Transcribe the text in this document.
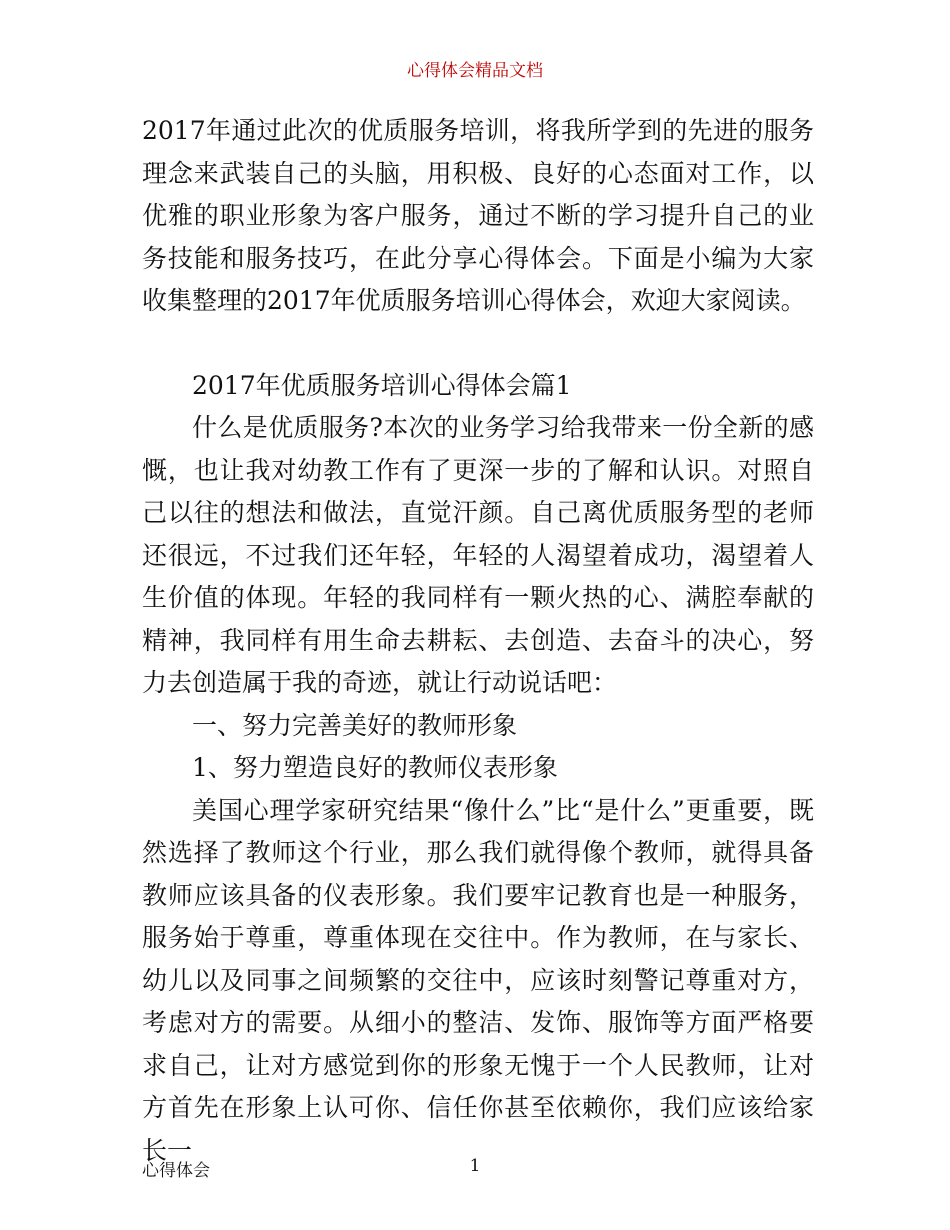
心得体会精品文档

2017年通过此次的优质服务培训，将我所学到的先进的服务理念来武装自己的头脑，用积极、良好的心态面对工作，以优雅的职业形象为客户服务，通过不断的学习提升自己的业务技能和服务技巧，在此分享心得体会。下面是小编为大家收集整理的2017年优质服务培训心得体会，欢迎大家阅读。

2017年优质服务培训心得体会篇1

什么是优质服务?本次的业务学习给我带来一份全新的感慨，也让我对幼教工作有了更深一步的了解和认识。对照自己以往的想法和做法，直觉汗颜。自己离优质服务型的老师还很远，不过我们还年轻，年轻的人渴望着成功，渴望着人生价值的体现。年轻的我同样有一颗火热的心、满腔奉献的精神，我同样有用生命去耕耘、去创造、去奋斗的决心，努力去创造属于我的奇迹，就让行动说话吧：

一、努力完善美好的教师形象

1、努力塑造良好的教师仪表形象

美国心理学家研究结果“像什么”比“是什么”更重要，既然选择了教师这个行业，那么我们就得像个教师，就得具备教师应该具备的仪表形象。我们要牢记教育也是一种服务，服务始于尊重，尊重体现在交往中。作为教师，在与家长、幼儿以及同事之间频繁的交往中，应该时刻警记尊重对方，考虑对方的需要。从细小的整洁、发饰、服饰等方面严格要求自己，让对方感觉到你的形象无愧于一个人民教师，让对方首先在形象上认可你、信任你甚至依赖你，我们应该给家长一

心得体会	1
